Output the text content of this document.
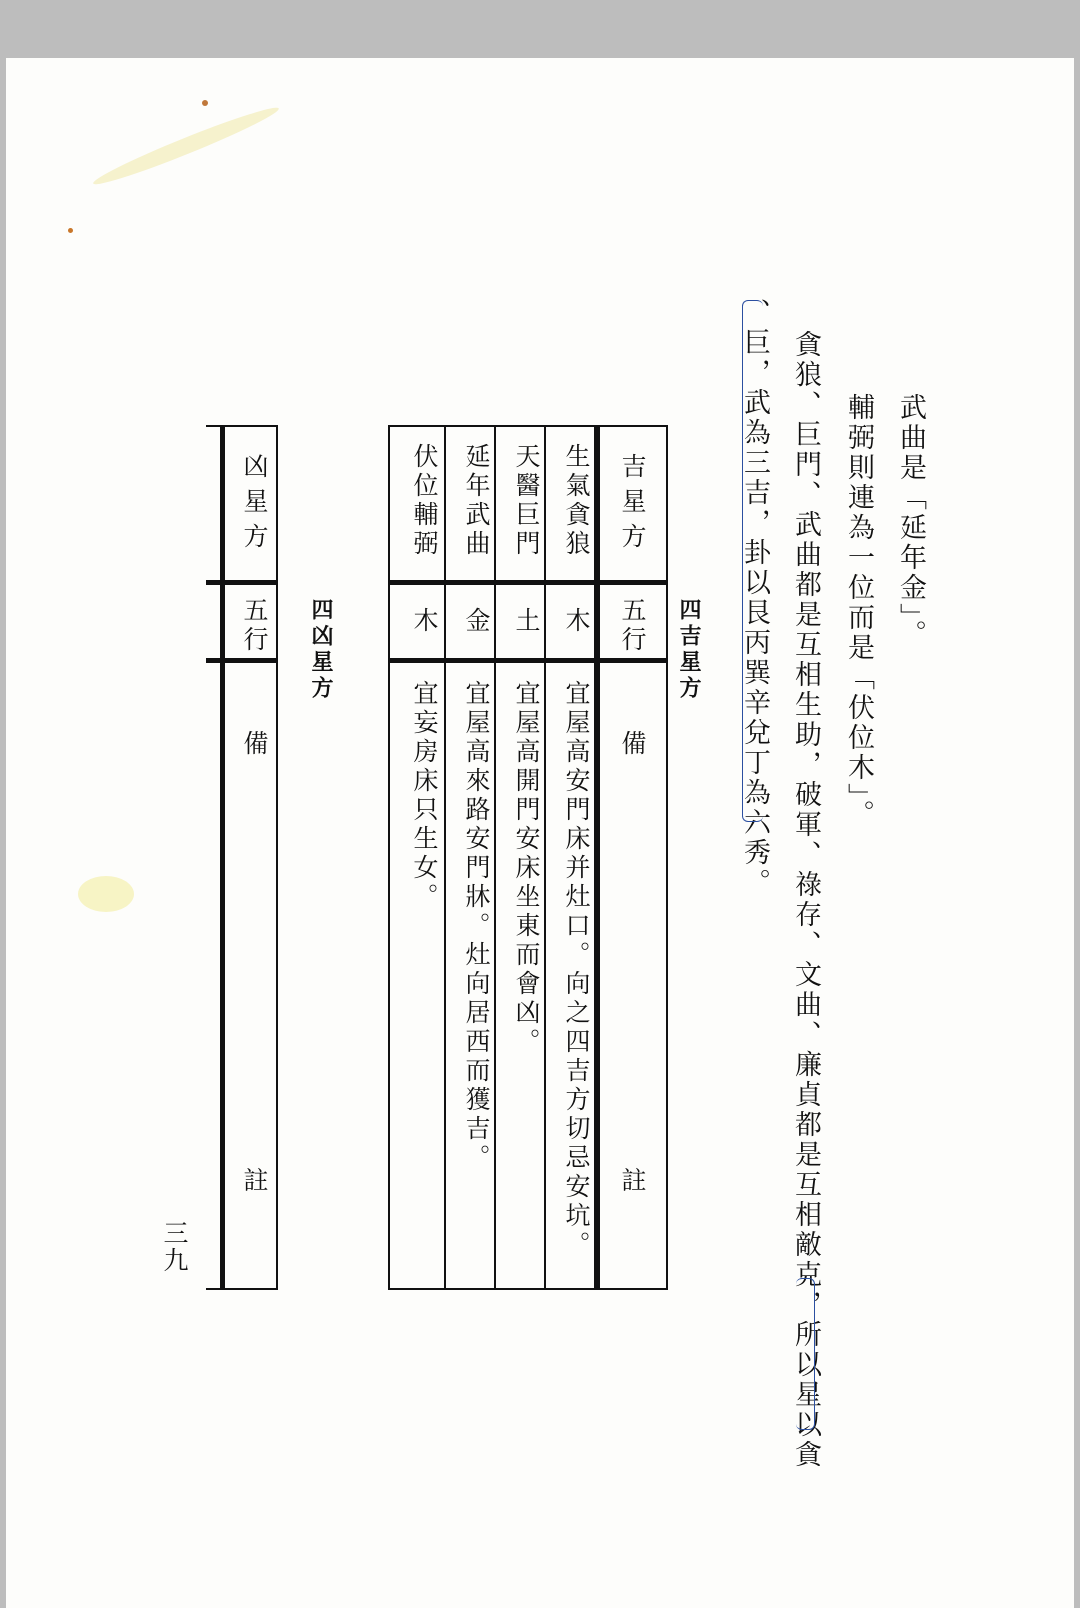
武曲是「延年金」。
輔弼則連為一位而是「伏位木」。
貪狼、巨門、武曲都是互相生助，破軍、祿存、文曲、廉貞都是互相敵克，所以星以貪
、巨，武為三吉，卦以艮丙巽辛兌丁為六秀。
四吉星方
四凶星方
吉星方
五行
備
註
生氣貪狼
木
宜屋高安門床并灶口。向之四吉方切忌安坑。
天醫巨門
土
宜屋高開門安床坐東而會凶。
延年武曲
金
宜屋高來路安門牀。灶向居西而獲吉。
伏位輔弼
木
宜妄房床只生女。
凶星方
五行
備
註
三九
